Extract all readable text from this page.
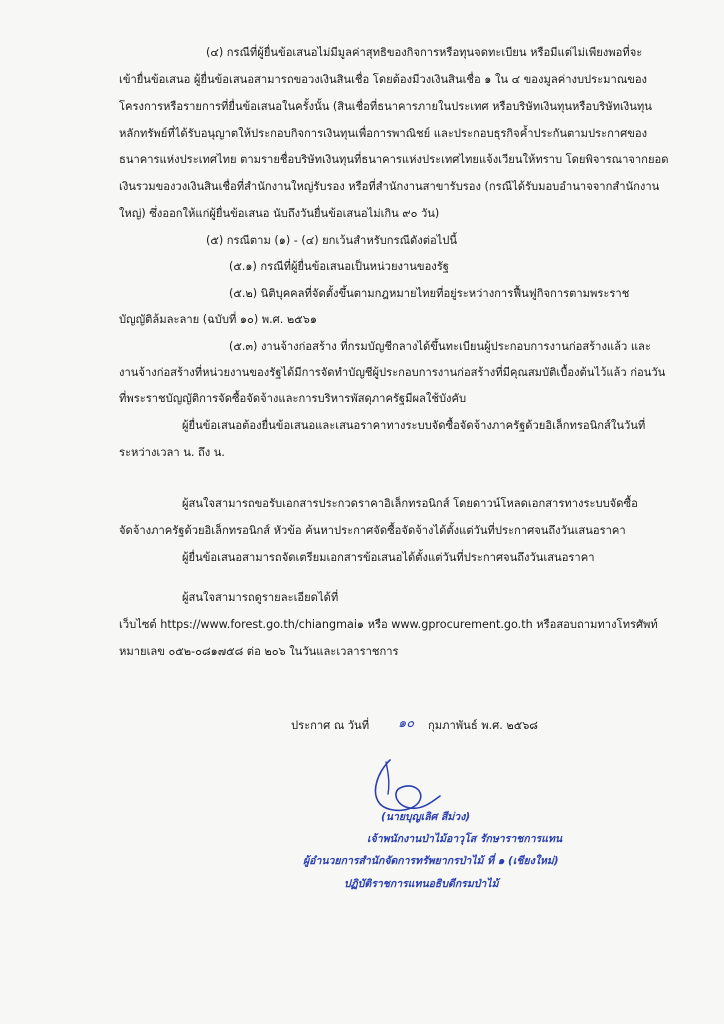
(๔) กรณีที่ผู้ยื่นข้อเสนอไม่มีมูลค่าสุทธิของกิจการหรือทุนจดทะเบียน หรือมีแต่ไม่เพียงพอที่จะ
เข้ายื่นข้อเสนอ ผู้ยื่นข้อเสนอสามารถขอวงเงินสินเชื่อ โดยต้องมีวงเงินสินเชื่อ ๑ ใน ๔ ของมูลค่างบประมาณของ
โครงการหรือรายการที่ยื่นข้อเสนอในครั้งนั้น (สินเชื่อที่ธนาคารภายในประเทศ หรือบริษัทเงินทุนหรือบริษัทเงินทุน
หลักทรัพย์ที่ได้รับอนุญาตให้ประกอบกิจการเงินทุนเพื่อการพาณิชย์ และประกอบธุรกิจค้ำประกันตามประกาศของ
ธนาคารแห่งประเทศไทย ตามรายชื่อบริษัทเงินทุนที่ธนาคารแห่งประเทศไทยแจ้งเวียนให้ทราบ โดยพิจารณาจากยอด
เงินรวมของวงเงินสินเชื่อที่สำนักงานใหญ่รับรอง หรือที่สำนักงานสาขารับรอง (กรณีได้รับมอบอำนาจจากสำนักงาน
ใหญ่) ซึ่งออกให้แก่ผู้ยื่นข้อเสนอ นับถึงวันยื่นข้อเสนอไม่เกิน ๙๐ วัน)
(๕) กรณีตาม (๑) - (๔) ยกเว้นสำหรับกรณีดังต่อไปนี้
(๕.๑) กรณีที่ผู้ยื่นข้อเสนอเป็นหน่วยงานของรัฐ
(๕.๒) นิติบุคคลที่จัดตั้งขึ้นตามกฎหมายไทยที่อยู่ระหว่างการฟื้นฟูกิจการตามพระราช
บัญญัติล้มละลาย (ฉบับที่ ๑๐) พ.ศ. ๒๕๖๑
(๕.๓) งานจ้างก่อสร้าง ที่กรมบัญชีกลางได้ขึ้นทะเบียนผู้ประกอบการงานก่อสร้างแล้ว และ
งานจ้างก่อสร้างที่หน่วยงานของรัฐได้มีการจัดทำบัญชีผู้ประกอบการงานก่อสร้างที่มีคุณสมบัติเบื้องต้นไว้แล้ว ก่อนวัน
ที่พระราชบัญญัติการจัดซื้อจัดจ้างและการบริหารพัสดุภาครัฐมีผลใช้บังคับ
ผู้ยื่นข้อเสนอต้องยื่นข้อเสนอและเสนอราคาทางระบบจัดซื้อจัดจ้างภาครัฐด้วยอิเล็กทรอนิกส์ในวันที่
ระหว่างเวลา น. ถึง น.
ผู้สนใจสามารถขอรับเอกสารประกวดราคาอิเล็กทรอนิกส์ โดยดาวน์โหลดเอกสารทางระบบจัดซื้อ
จัดจ้างภาครัฐด้วยอิเล็กทรอนิกส์ หัวข้อ ค้นหาประกาศจัดซื้อจัดจ้างได้ตั้งแต่วันที่ประกาศจนถึงวันเสนอราคา
ผู้ยื่นข้อเสนอสามารถจัดเตรียมเอกสารข้อเสนอได้ตั้งแต่วันที่ประกาศจนถึงวันเสนอราคา
ผู้สนใจสามารถดูรายละเอียดได้ที่
เว็บไซต์ https://www.forest.go.th/chiangmai๑ หรือ www.gprocurement.go.th หรือสอบถามทางโทรศัพท์
หมายเลข ๐๕๒-๐๘๑๗๕๘ ต่อ ๒๐๖ ในวันและเวลาราชการ
ประกาศ ณ วันที่ ๑๐ กุมภาพันธ์ พ.ศ. ๒๕๖๘
(นายบุญเลิศ สีม่วง)
เจ้าพนักงานป่าไม้อาวุโส รักษาราชการแทน
ผู้อำนวยการสำนักจัดการทรัพยากรป่าไม้ ที่ ๑ (เชียงใหม่)
ปฏิบัติราชการแทนอธิบดีกรมป่าไม้
